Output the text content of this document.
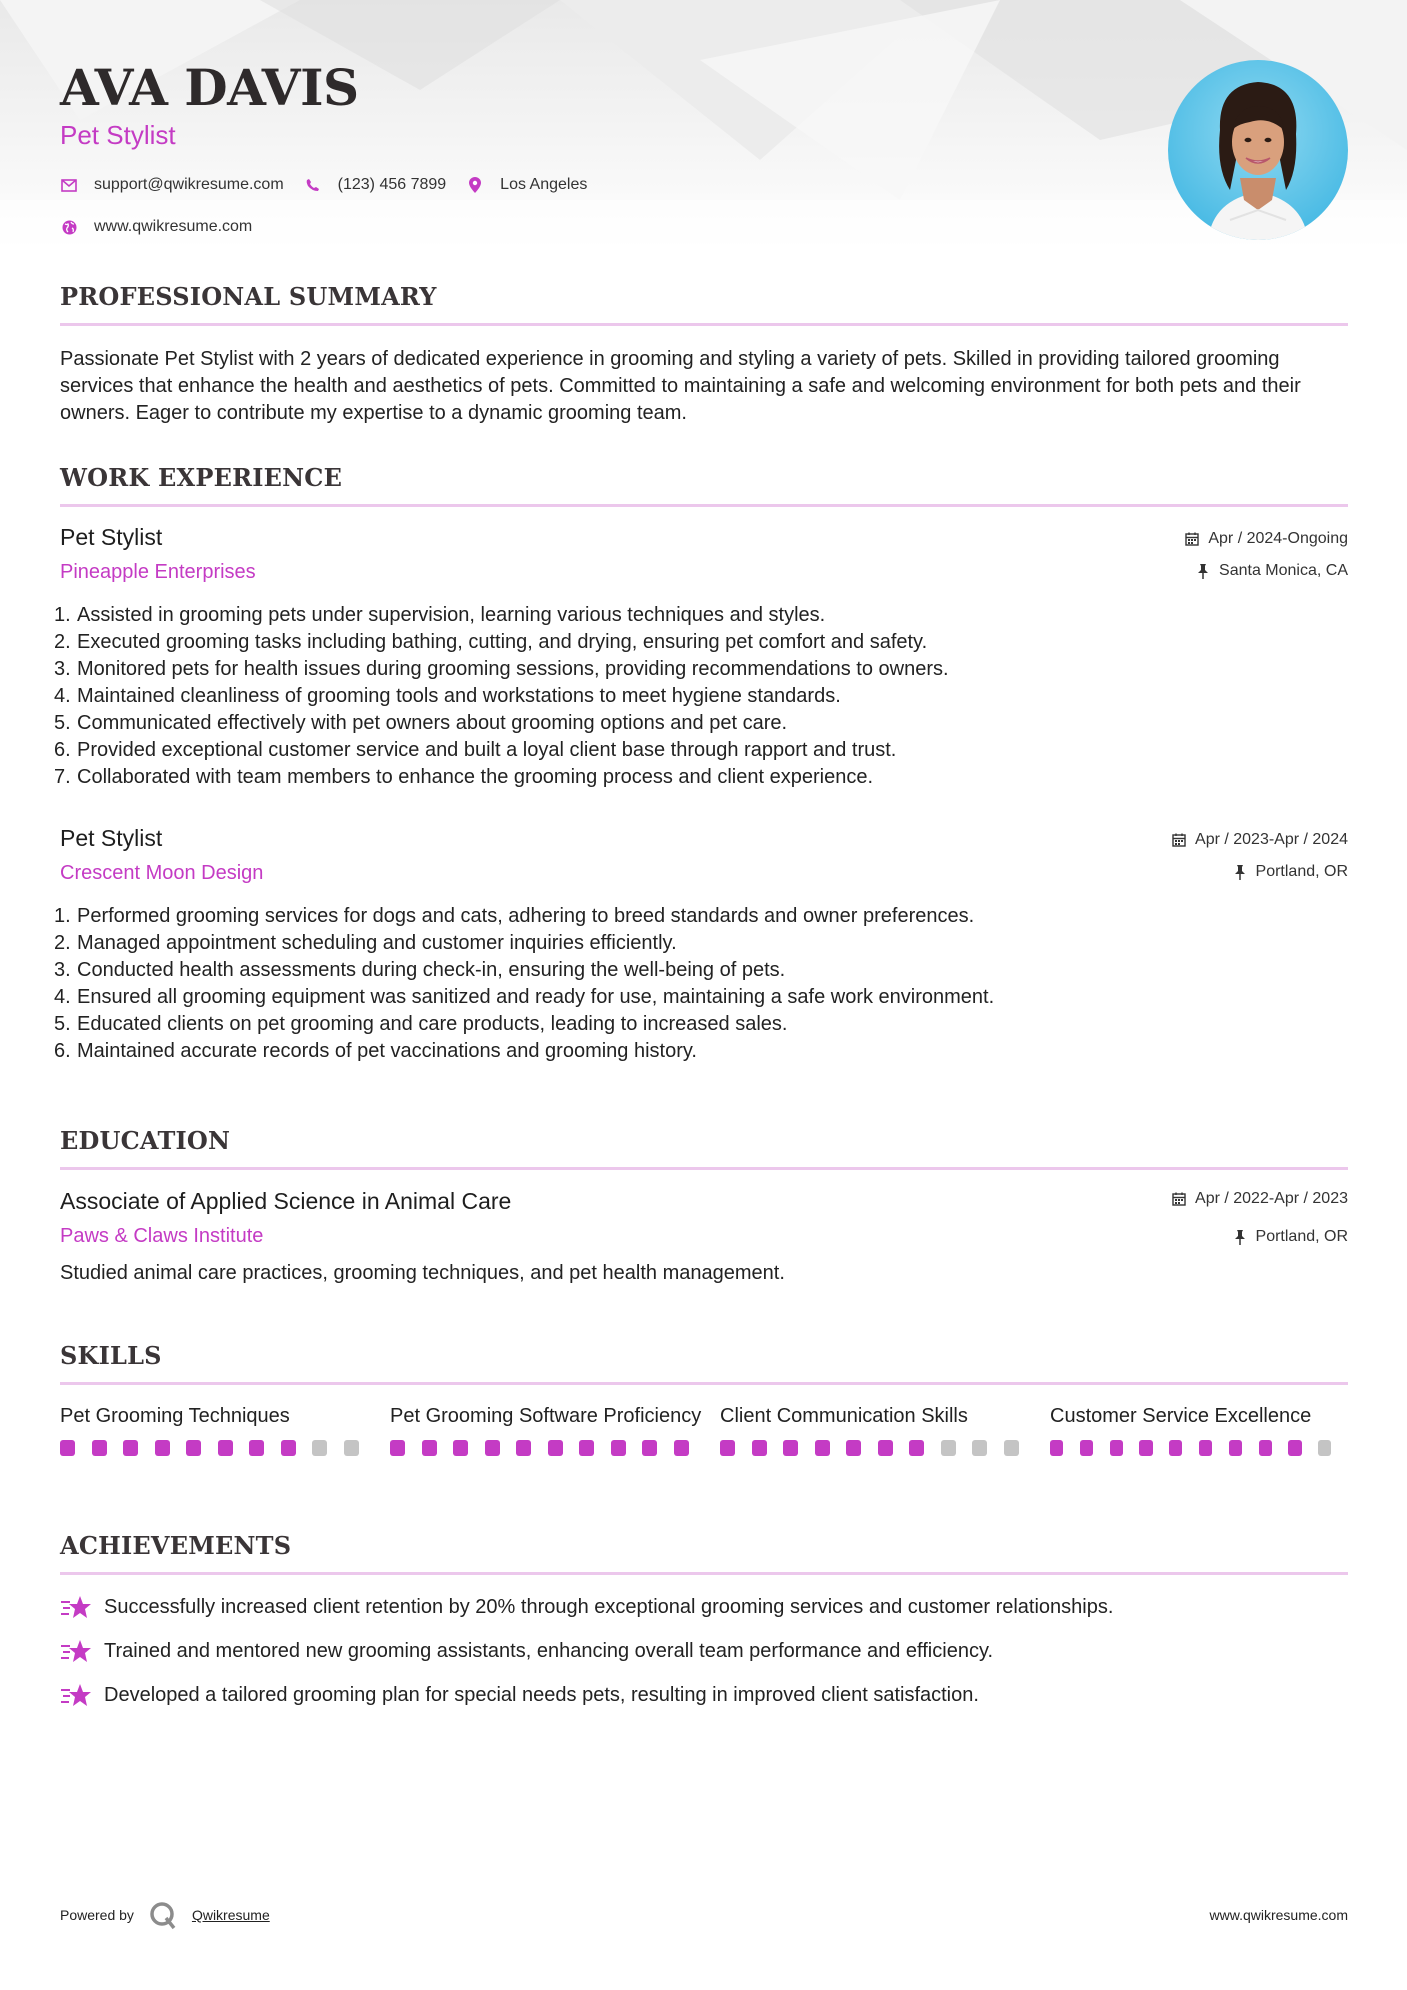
AVA DAVIS
Pet Stylist
support@qwikresume.com	(123) 456 7899	Los Angeles
www.qwikresume.com
PROFESSIONAL SUMMARY
Passionate Pet Stylist with 2 years of dedicated experience in grooming and styling a variety of pets. Skilled in providing tailored grooming services that enhance the health and aesthetics of pets. Committed to maintaining a safe and welcoming environment for both pets and their owners. Eager to contribute my expertise to a dynamic grooming team.
WORK EXPERIENCE
Pet Stylist
Pineapple Enterprises
Apr / 2024-Ongoing
Santa Monica, CA
1. Assisted in grooming pets under supervision, learning various techniques and styles.
2. Executed grooming tasks including bathing, cutting, and drying, ensuring pet comfort and safety.
3. Monitored pets for health issues during grooming sessions, providing recommendations to owners.
4. Maintained cleanliness of grooming tools and workstations to meet hygiene standards.
5. Communicated effectively with pet owners about grooming options and pet care.
6. Provided exceptional customer service and built a loyal client base through rapport and trust.
7. Collaborated with team members to enhance the grooming process and client experience.
Pet Stylist
Crescent Moon Design
Apr / 2023-Apr / 2024
Portland, OR
1. Performed grooming services for dogs and cats, adhering to breed standards and owner preferences.
2. Managed appointment scheduling and customer inquiries efficiently.
3. Conducted health assessments during check-in, ensuring the well-being of pets.
4. Ensured all grooming equipment was sanitized and ready for use, maintaining a safe work environment.
5. Educated clients on pet grooming and care products, leading to increased sales.
6. Maintained accurate records of pet vaccinations and grooming history.
EDUCATION
Associate of Applied Science in Animal Care
Paws & Claws Institute
Apr / 2022-Apr / 2023
Portland, OR
Studied animal care practices, grooming techniques, and pet health management.
SKILLS
Pet Grooming Techniques	Pet Grooming Software Proficiency Client Communication Skills	Customer Service Excellence
ACHIEVEMENTS
Successfully increased client retention by 20% through exceptional grooming services and customer relationships.
Trained and mentored new grooming assistants, enhancing overall team performance and efficiency.
Developed a tailored grooming plan for special needs pets, resulting in improved client satisfaction.
Powered by	Qwikresume	www.qwikresume.com
